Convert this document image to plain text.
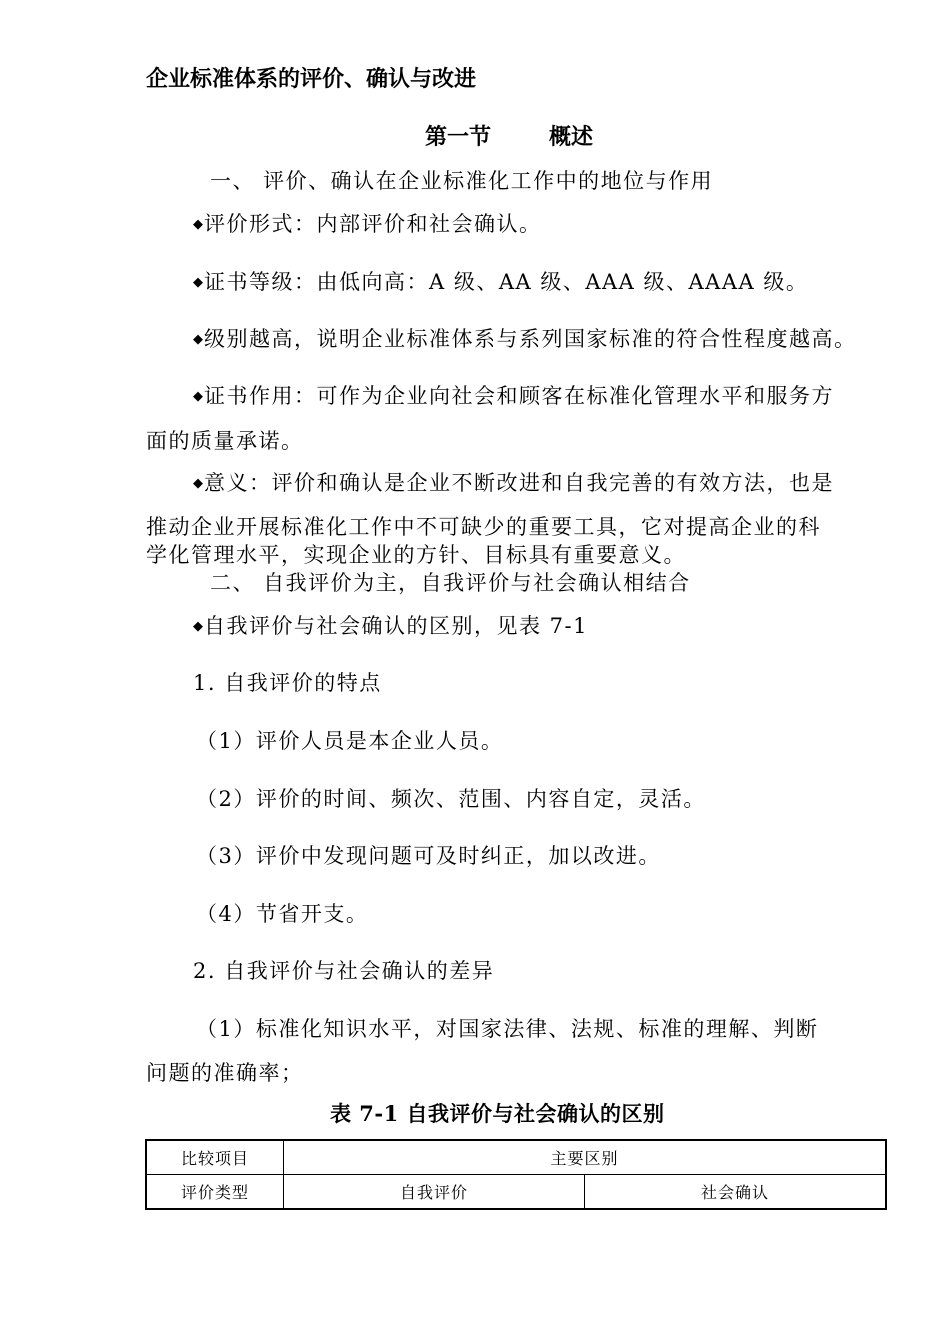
企业标准体系的评价、确认与改进
第一节	概述
一、 评价、确认在企业标准化工作中的地位与作用
◆评价形式：内部评价和社会确认。
◆证书等级：由低向高：A 级、AA 级、AAA 级、AAAA 级。
◆级别越高，说明企业标准体系与系列国家标准的符合性程度越高。
◆证书作用：可作为企业向社会和顾客在标准化管理水平和服务方
面的质量承诺。
◆意义：评价和确认是企业不断改进和自我完善的有效方法，也是
推动企业开展标准化工作中不可缺少的重要工具，它对提高企业的科
学化管理水平，实现企业的方针、目标具有重要意义。
二、 自我评价为主，自我评价与社会确认相结合
◆自我评价与社会确认的区别，见表 7-1
1. 自我评价的特点
（1）评价人员是本企业人员。
（2）评价的时间、频次、范围、内容自定，灵活。
（3）评价中发现问题可及时纠正，加以改进。
（4）节省开支。
2. 自我评价与社会确认的差异
（1）标准化知识水平，对国家法律、法规、标准的理解、判断
问题的准确率；
表 7-1 自我评价与社会确认的区别
比较项目	主要区别	
评价类型	自我评价	社会确认
